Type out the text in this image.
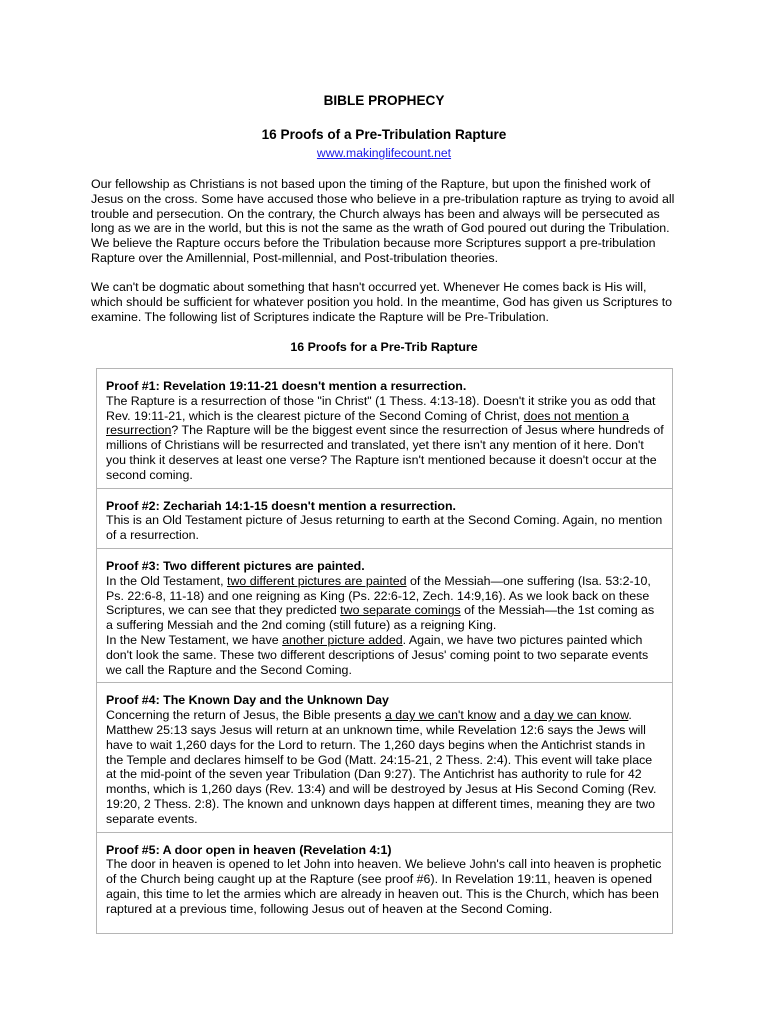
BIBLE PROPHECY
16 Proofs of a Pre-Tribulation Rapture
www.makinglifecount.net
Our fellowship as Christians is not based upon the timing of the Rapture, but upon the finished work of Jesus on the cross. Some have accused those who believe in a pre-tribulation rapture as trying to avoid all trouble and persecution. On the contrary, the Church always has been and always will be persecuted as long as we are in the world, but this is not the same as the wrath of God poured out during the Tribulation. We believe the Rapture occurs before the Tribulation because more Scriptures support a pre-tribulation Rapture over the Amillennial, Post-millennial, and Post-tribulation theories.
We can't be dogmatic about something that hasn't occurred yet. Whenever He comes back is His will, which should be sufficient for whatever position you hold. In the meantime, God has given us Scriptures to examine. The following list of Scriptures indicate the Rapture will be Pre-Tribulation.
16 Proofs for a Pre-Trib Rapture
Proof #1: Revelation 19:11-21 doesn't mention a resurrection.
The Rapture is a resurrection of those "in Christ" (1 Thess. 4:13-18). Doesn't it strike you as odd that Rev. 19:11-21, which is the clearest picture of the Second Coming of Christ, does not mention a resurrection? The Rapture will be the biggest event since the resurrection of Jesus where hundreds of millions of Christians will be resurrected and translated, yet there isn't any mention of it here. Don't you think it deserves at least one verse? The Rapture isn't mentioned because it doesn't occur at the second coming.
Proof #2: Zechariah 14:1-15 doesn't mention a resurrection.
This is an Old Testament picture of Jesus returning to earth at the Second Coming. Again, no mention of a resurrection.
Proof #3: Two different pictures are painted.
In the Old Testament, two different pictures are painted of the Messiah—one suffering (Isa. 53:2-10, Ps. 22:6-8, 11-18) and one reigning as King (Ps. 22:6-12, Zech. 14:9,16). As we look back on these Scriptures, we can see that they predicted two separate comings of the Messiah—the 1st coming as a suffering Messiah and the 2nd coming (still future) as a reigning King.
In the New Testament, we have another picture added. Again, we have two pictures painted which don't look the same. These two different descriptions of Jesus' coming point to two separate events we call the Rapture and the Second Coming.
Proof #4: The Known Day and the Unknown Day
Concerning the return of Jesus, the Bible presents a day we can't know and a day we can know. Matthew 25:13 says Jesus will return at an unknown time, while Revelation 12:6 says the Jews will have to wait 1,260 days for the Lord to return. The 1,260 days begins when the Antichrist stands in the Temple and declares himself to be God (Matt. 24:15-21, 2 Thess. 2:4). This event will take place at the mid-point of the seven year Tribulation (Dan 9:27). The Antichrist has authority to rule for 42 months, which is 1,260 days (Rev. 13:4) and will be destroyed by Jesus at His Second Coming (Rev. 19:20, 2 Thess. 2:8). The known and unknown days happen at different times, meaning they are two separate events.
Proof #5: A door open in heaven (Revelation 4:1)
The door in heaven is opened to let John into heaven. We believe John's call into heaven is prophetic of the Church being caught up at the Rapture (see proof #6). In Revelation 19:11, heaven is opened again, this time to let the armies which are already in heaven out. This is the Church, which has been raptured at a previous time, following Jesus out of heaven at the Second Coming.
